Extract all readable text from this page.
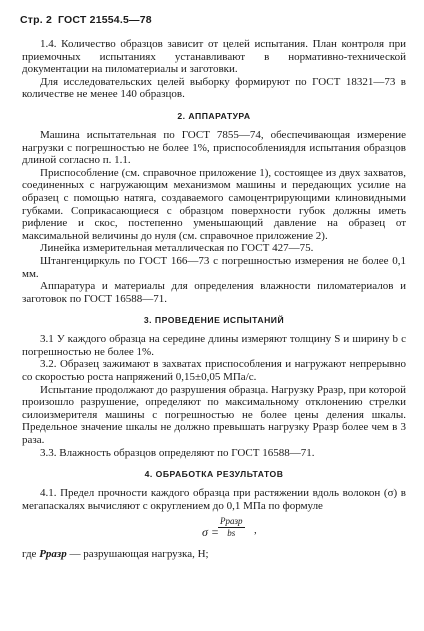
Стр. 2 ГОСТ 21554.5—78

1.4. Количество образцов зависит от целей испытания. План контроля при приемочных испытаниях устанавливают в нормативно-технической документации на пиломатериалы и заготовки.

Для исследовательских целей выборку формируют по ГОСТ 18321—73 в количестве не менее 140 образцов.

2. АППАРАТУРА

Машина испытательная по ГОСТ 7855—74, обеспечивающая измерение нагрузки с погрешностью не более 1%, приспособлениядля испытания образцов длиной согласно п. 1.1.

Приспособление (см. справочное приложение 1), состоящее из двух захватов, соединенных с нагружающим механизмом машины и передающих усилие на образец с помощью натяга, создаваемого самоцентрирующими клиновидными губками. Соприкасающиеся с образцом поверхности губок должны иметь рифление и скос, постепенно уменьшающий давление на образец от максимальной величины до нуля (см. справочное приложение 2).

Линейка измерительная металлическая по ГОСТ 427—75.

Штангенциркуль по ГОСТ 166—73 с погрешностью измерения не более 0,1 мм.

Аппаратура и материалы для определения влажности пиломатериалов и заготовок по ГОСТ 16588—71.

3. ПРОВЕДЕНИЕ ИСПЫТАНИЙ

3.1 У каждого образца на середине длины измеряют толщину S и ширину b с погрешностью не более 1%.

3.2. Образец зажимают в захватах приспособления и нагружают непрерывно со скоростью роста напряжений 0,15±0,05 МПа/с.

Испытание продолжают до разрушения образца. Нагрузку Pразр, при которой произошло разрушение, определяют по максимальному отклонению стрелки силоизмерителя машины с погрешностью не более цены деления шкалы. Предельное значение шкалы не должно превышать нагрузку Pразр более чем в 3 раза.

3.3. Влажность образцов определяют по ГОСТ 16588—71.

4. ОБРАБОТКА РЕЗУЛЬТАТОВ

4.1. Предел прочности каждого образца при растяжении вдоль волокон (σ) в мегапаскалях вычисляют с округлением до 0,1 МПа по формуле

σ =
Pразр
bs	,

где Pразр — разрушающая нагрузка, Н;
